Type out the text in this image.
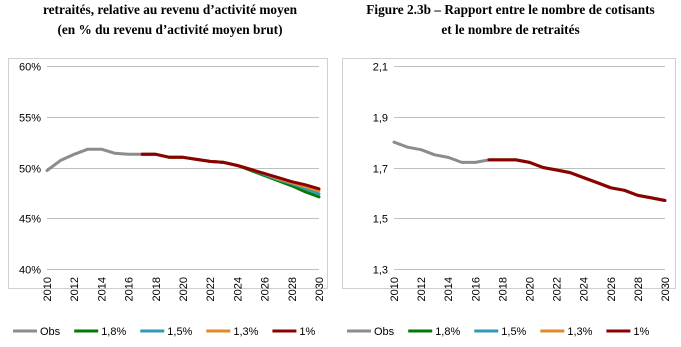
retraités, relative au revenu d’activité moyen
(en % du revenu d’activité moyen brut)
Figure 2.3b – Rapport entre le nombre de cotisants
et le nombre de retraités
40%
45%
50%
55%
60%
2010 2012 2014 2016 2018 2020 2022 2024 2026 2028 2030
Obs	1,8%	1,5%	1,3%	1%
1,3
1,5
1,7
1,9
2,1
2010 2012 2014 2016 2018 2020 2022 2024 2026 2028 2030
Obs	1,8%	1,5%	1,3%	1%
